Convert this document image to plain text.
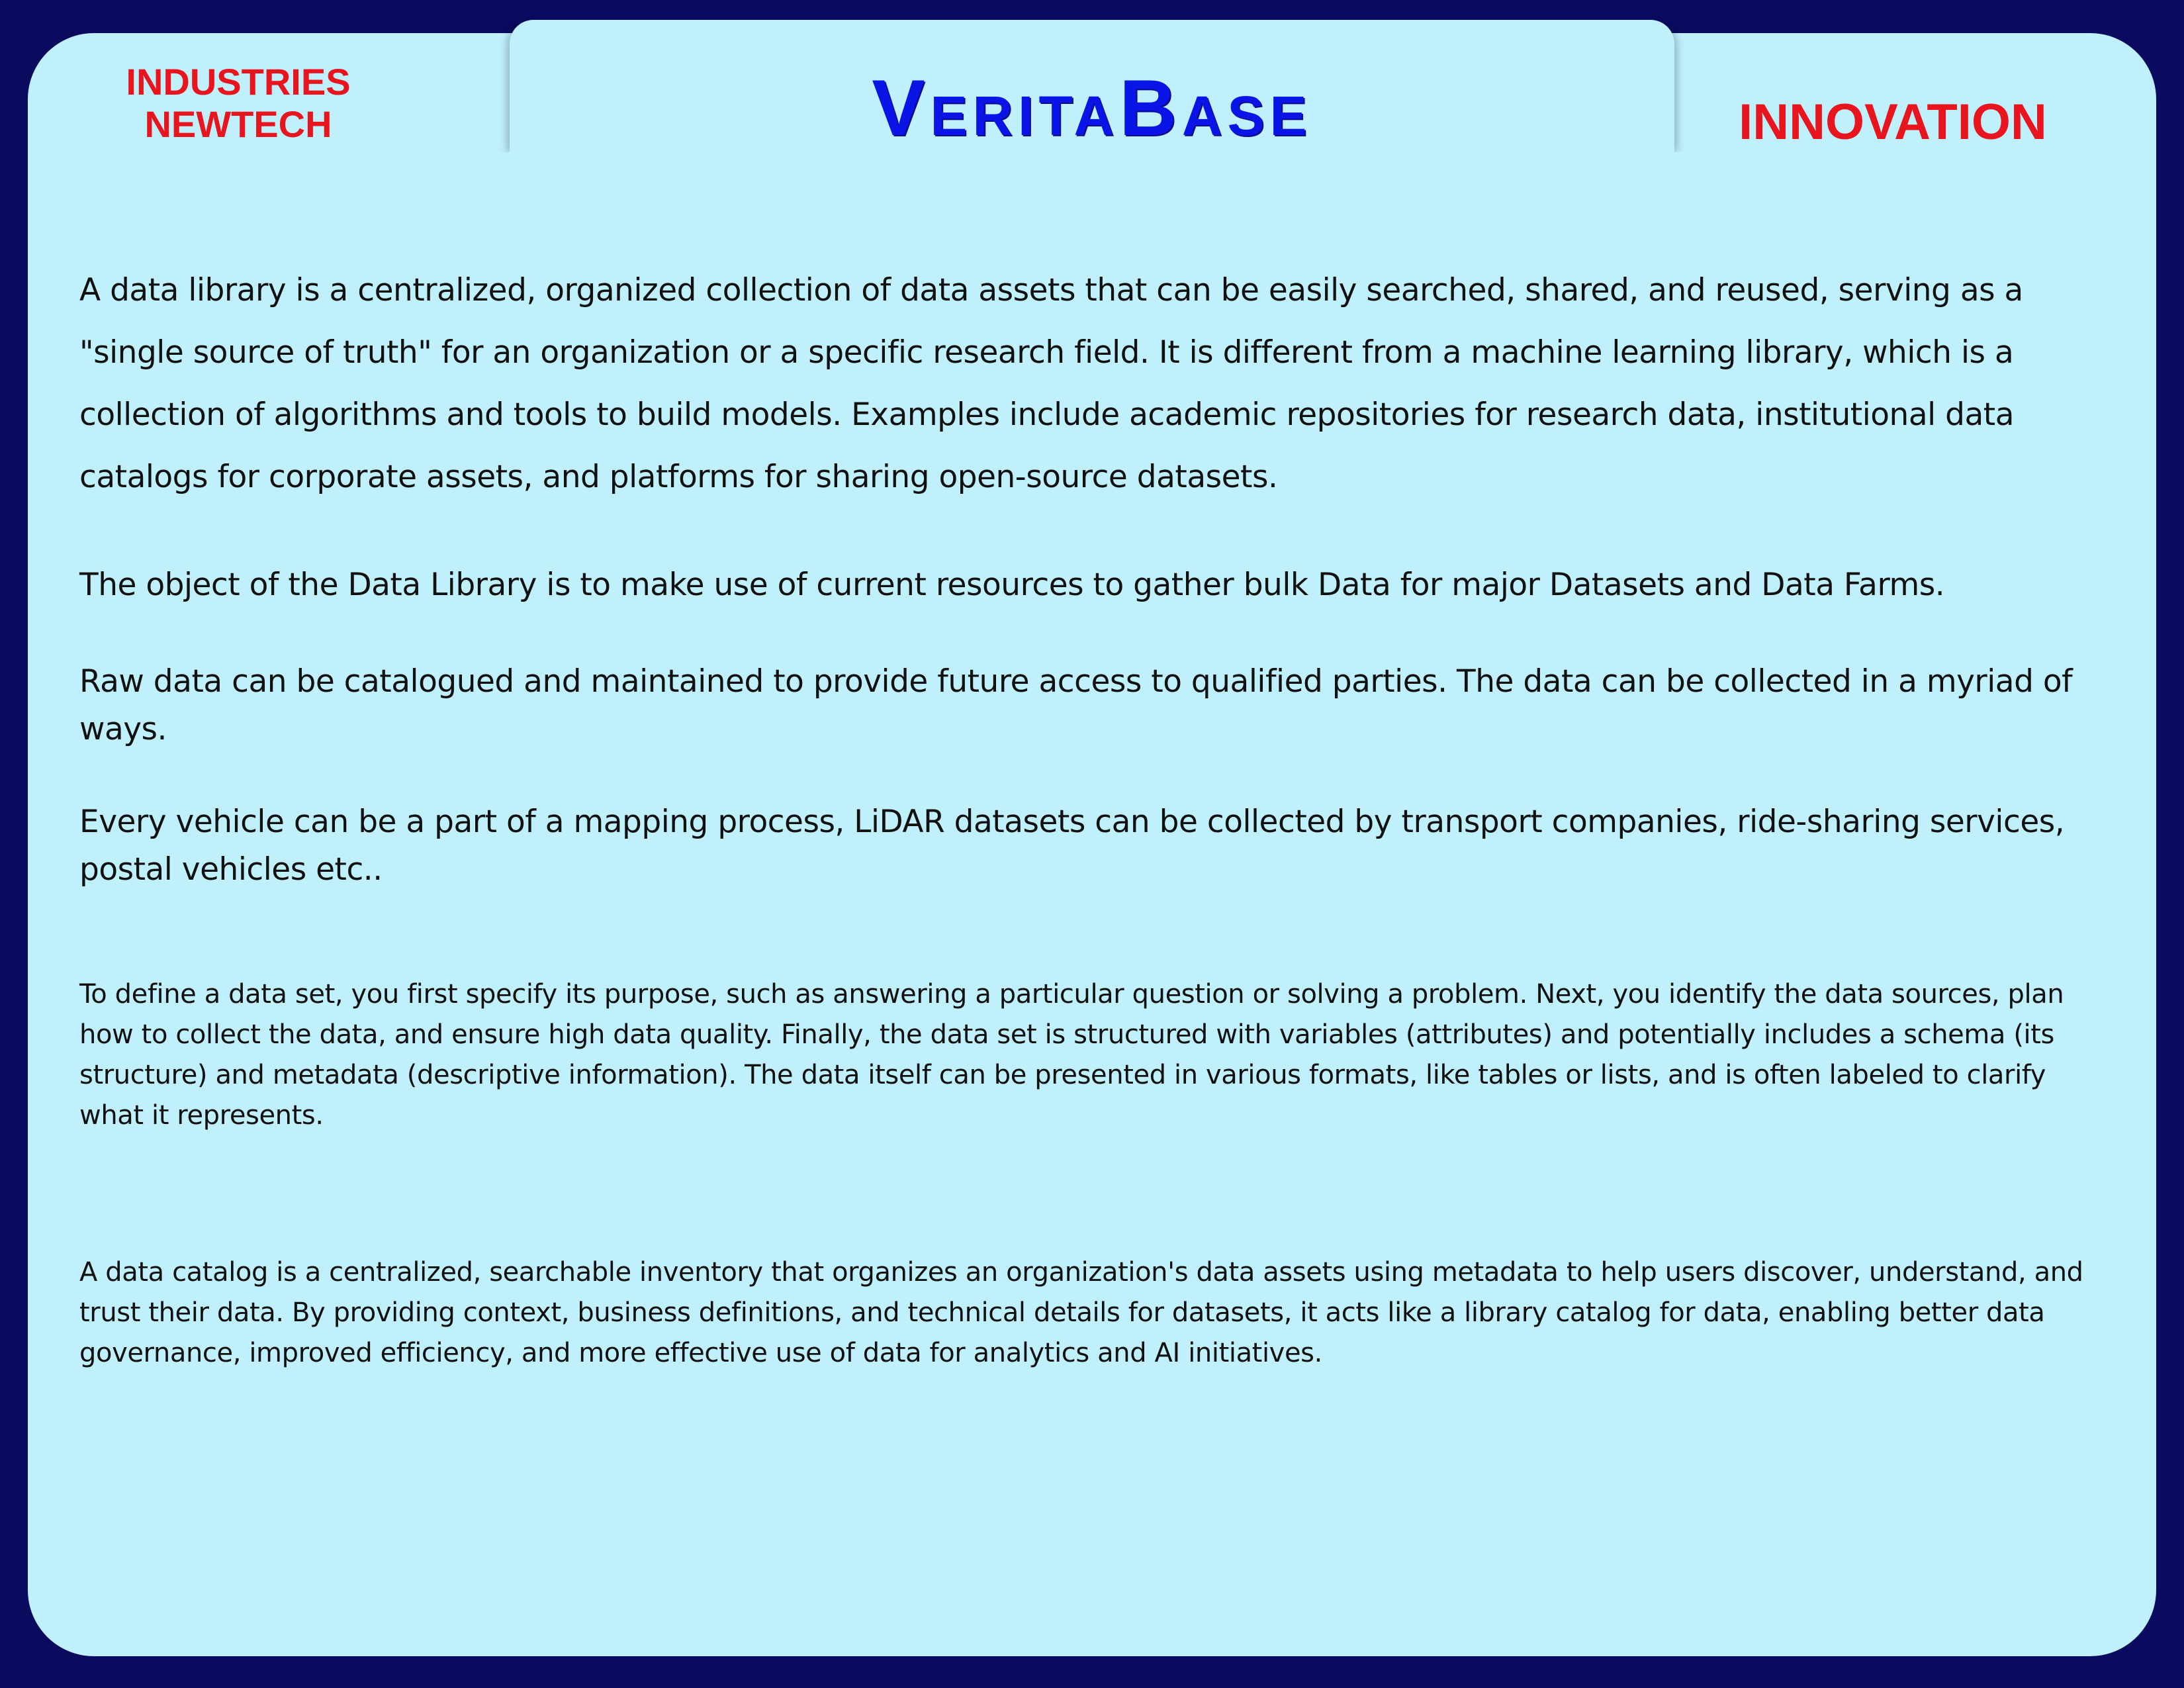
INDUSTRIES
NEWTECH	VeritaBase	INNOVATION
A data library is a centralized, organized collection of data assets that can be easily searched, shared, and reused, serving as a "single source of truth" for an organization or a specific research field. It is different from a machine learning library, which is a collection of algorithms and tools to build models. Examples include academic repositories for research data, institutional data catalogs for corporate assets, and platforms for sharing open-source datasets.
The object of the Data Library is to make use of current resources to gather bulk Data for major Datasets and Data Farms.
Raw data can be catalogued and maintained to provide future access to qualified parties. The data can be collected in a myriad of ways.
Every vehicle can be a part of a mapping process, LiDAR datasets can be collected by transport companies, ride-sharing services, postal vehicles etc..
To define a data set, you first specify its purpose, such as answering a particular question or solving a problem. Next, you identify the data sources, plan how to collect the data, and ensure high data quality. Finally, the data set is structured with variables (attributes) and potentially includes a schema (its structure) and metadata (descriptive information). The data itself can be presented in various formats, like tables or lists, and is often labeled to clarify what it represents.
A data catalog is a centralized, searchable inventory that organizes an organization's data assets using metadata to help users discover, understand, and trust their data. By providing context, business definitions, and technical details for datasets, it acts like a library catalog for data, enabling better data governance, improved efficiency, and more effective use of data for analytics and AI initiatives.
